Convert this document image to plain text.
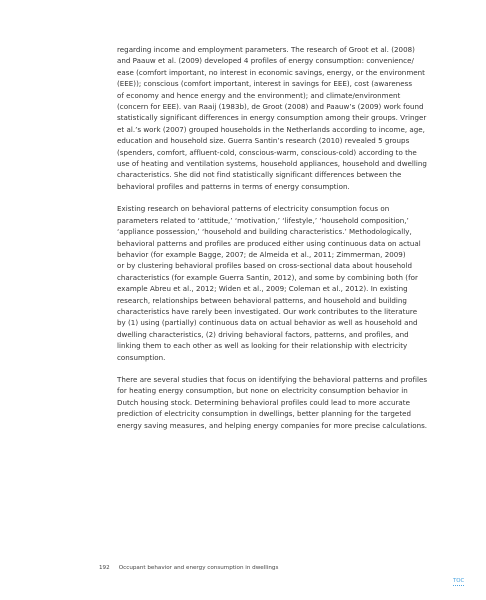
regarding income and employment parameters. The research of Groot et al. (2008)
and Paauw et al. (2009) developed 4 profiles of energy consumption: convenience/
ease (comfort important, no interest in economic savings, energy, or the environment
(EEE)); conscious (comfort important, interest in savings for EEE), cost (awareness
of economy and hence energy and the environment); and climate/environment
(concern for EEE). van Raaij (1983b), de Groot (2008) and Paauw’s (2009) work found
statistically significant differences in energy consumption among their groups. Vringer
et al.’s work (2007) grouped households in the Netherlands according to income, age,
education and household size. Guerra Santin’s research (2010) revealed 5 groups
(spenders, comfort, affluent-cold, conscious-warm, conscious-cold) according to the
use of heating and ventilation systems, household appliances, household and dwelling
characteristics. She did not find statistically significant differences between the
behavioral profiles and patterns in terms of energy consumption.

Existing research on behavioral patterns of electricity consumption focus on
parameters related to ‘attitude,’ ‘motivation,’ ‘lifestyle,’ ‘household composition,’
‘appliance possession,’ ‘household and building characteristics.’ Methodologically,
behavioral patterns and profiles are produced either using continuous data on actual
behavior (for example Bagge, 2007; de Almeida et al., 2011; Zimmerman, 2009)
or by clustering behavioral profiles based on cross-sectional data about household
characteristics (for example Guerra Santin, 2012), and some by combining both (for
example Abreu et al., 2012; Widen et al., 2009; Coleman et al., 2012). In existing
research, relationships between behavioral patterns, and household and building
characteristics have rarely been investigated. Our work contributes to the literature
by (1) using (partially) continuous data on actual behavior as well as household and
dwelling characteristics, (2) driving behavioral factors, patterns, and profiles, and
linking them to each other as well as looking for their relationship with electricity
consumption.

There are several studies that focus on identifying the behavioral patterns and profiles
for heating energy consumption, but none on electricity consumption behavior in
Dutch housing stock. Determining behavioral profiles could lead to more accurate
prediction of electricity consumption in dwellings, better planning for the targeted
energy saving measures, and helping energy companies for more precise calculations.

192 Occupant behavior and energy consumption in dwellings
TOC
